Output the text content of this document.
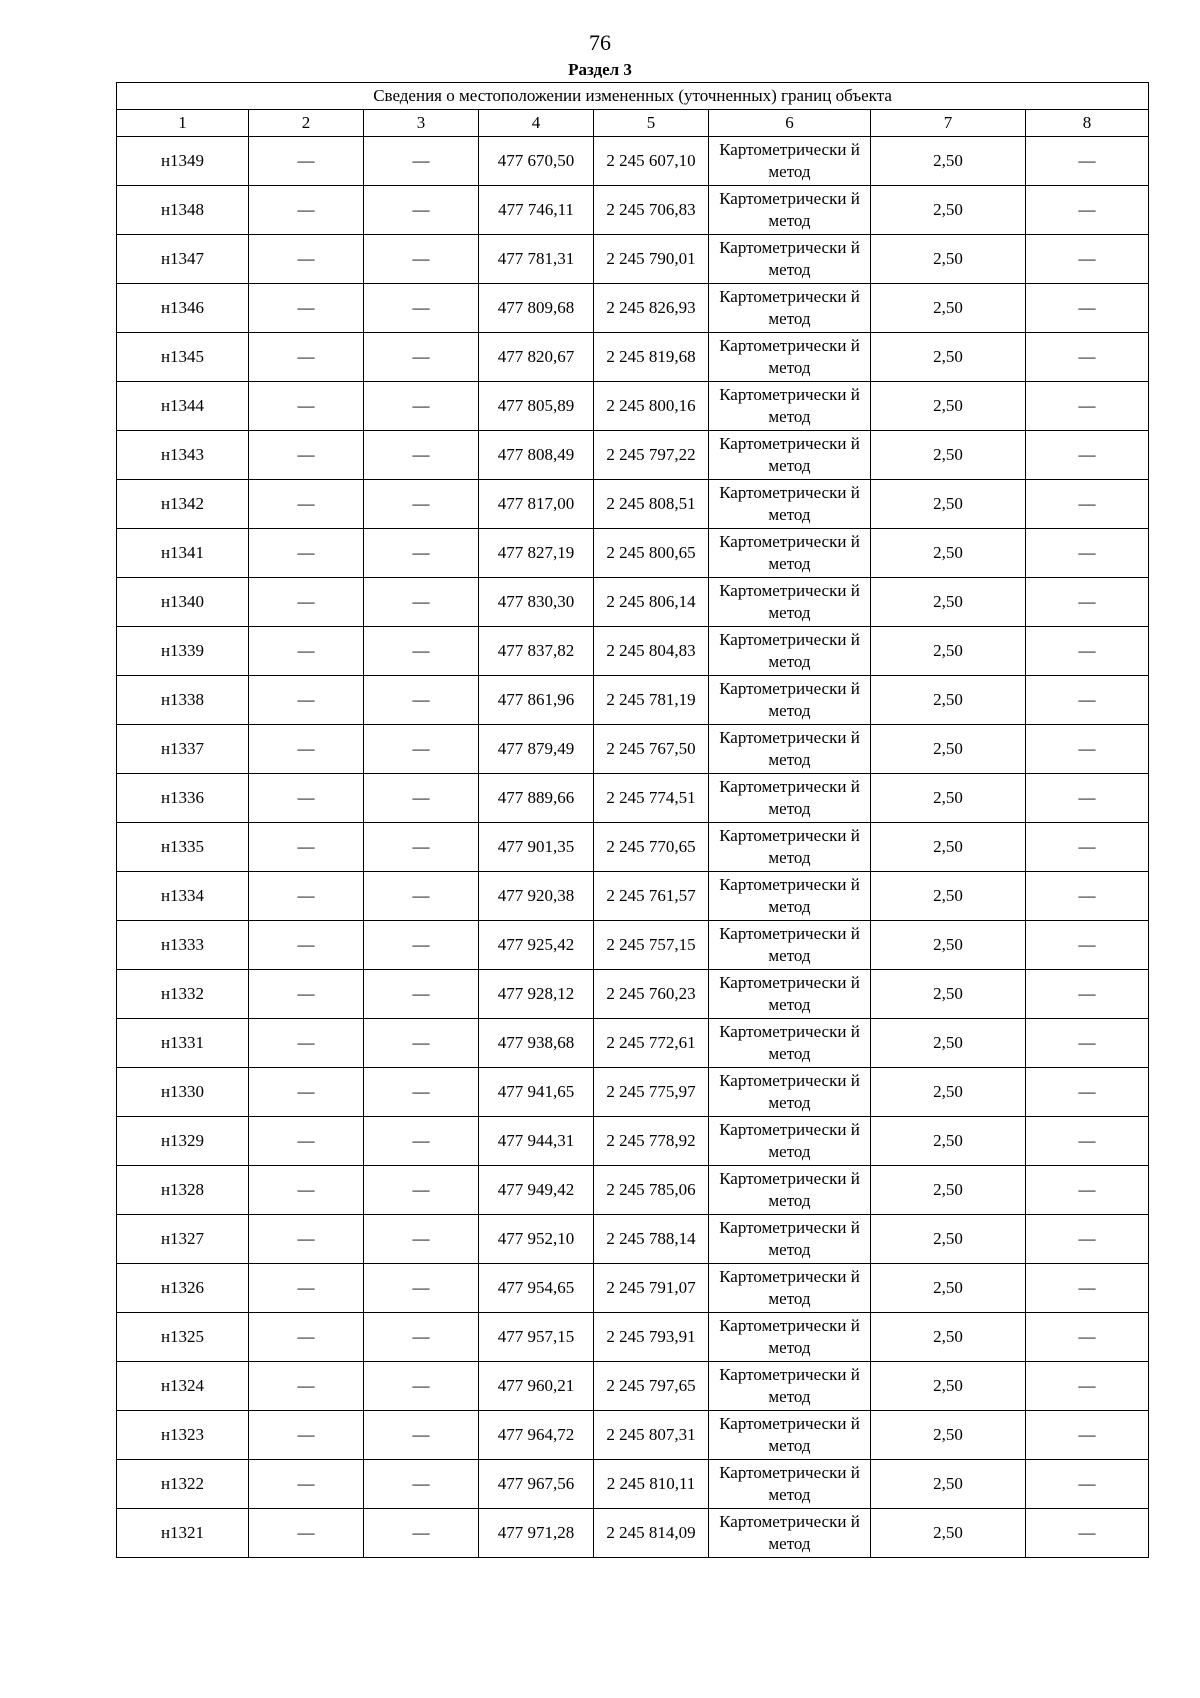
76
Раздел 3
Сведения о местоположении измененных (уточненных) границ объекта							
1	2	3	4	5	6	7	8
н1349	—	—	477 670,50	2 245 607,10	Картометрически й метод	2,50	—
н1348	—	—	477 746,11	2 245 706,83	Картометрически й метод	2,50	—
н1347	—	—	477 781,31	2 245 790,01	Картометрически й метод	2,50	—
н1346	—	—	477 809,68	2 245 826,93	Картометрически й метод	2,50	—
н1345	—	—	477 820,67	2 245 819,68	Картометрически й метод	2,50	—
н1344	—	—	477 805,89	2 245 800,16	Картометрически й метод	2,50	—
н1343	—	—	477 808,49	2 245 797,22	Картометрически й метод	2,50	—
н1342	—	—	477 817,00	2 245 808,51	Картометрически й метод	2,50	—
н1341	—	—	477 827,19	2 245 800,65	Картометрически й метод	2,50	—
н1340	—	—	477 830,30	2 245 806,14	Картометрически й метод	2,50	—
н1339	—	—	477 837,82	2 245 804,83	Картометрически й метод	2,50	—
н1338	—	—	477 861,96	2 245 781,19	Картометрически й метод	2,50	—
н1337	—	—	477 879,49	2 245 767,50	Картометрически й метод	2,50	—
н1336	—	—	477 889,66	2 245 774,51	Картометрически й метод	2,50	—
н1335	—	—	477 901,35	2 245 770,65	Картометрически й метод	2,50	—
н1334	—	—	477 920,38	2 245 761,57	Картометрически й метод	2,50	—
н1333	—	—	477 925,42	2 245 757,15	Картометрически й метод	2,50	—
н1332	—	—	477 928,12	2 245 760,23	Картометрически й метод	2,50	—
н1331	—	—	477 938,68	2 245 772,61	Картометрически й метод	2,50	—
н1330	—	—	477 941,65	2 245 775,97	Картометрически й метод	2,50	—
н1329	—	—	477 944,31	2 245 778,92	Картометрически й метод	2,50	—
н1328	—	—	477 949,42	2 245 785,06	Картометрически й метод	2,50	—
н1327	—	—	477 952,10	2 245 788,14	Картометрически й метод	2,50	—
н1326	—	—	477 954,65	2 245 791,07	Картометрически й метод	2,50	—
н1325	—	—	477 957,15	2 245 793,91	Картометрически й метод	2,50	—
н1324	—	—	477 960,21	2 245 797,65	Картометрически й метод	2,50	—
н1323	—	—	477 964,72	2 245 807,31	Картометрически й метод	2,50	—
н1322	—	—	477 967,56	2 245 810,11	Картометрически й метод	2,50	—
н1321	—	—	477 971,28	2 245 814,09	Картометрически й метод	2,50	—
